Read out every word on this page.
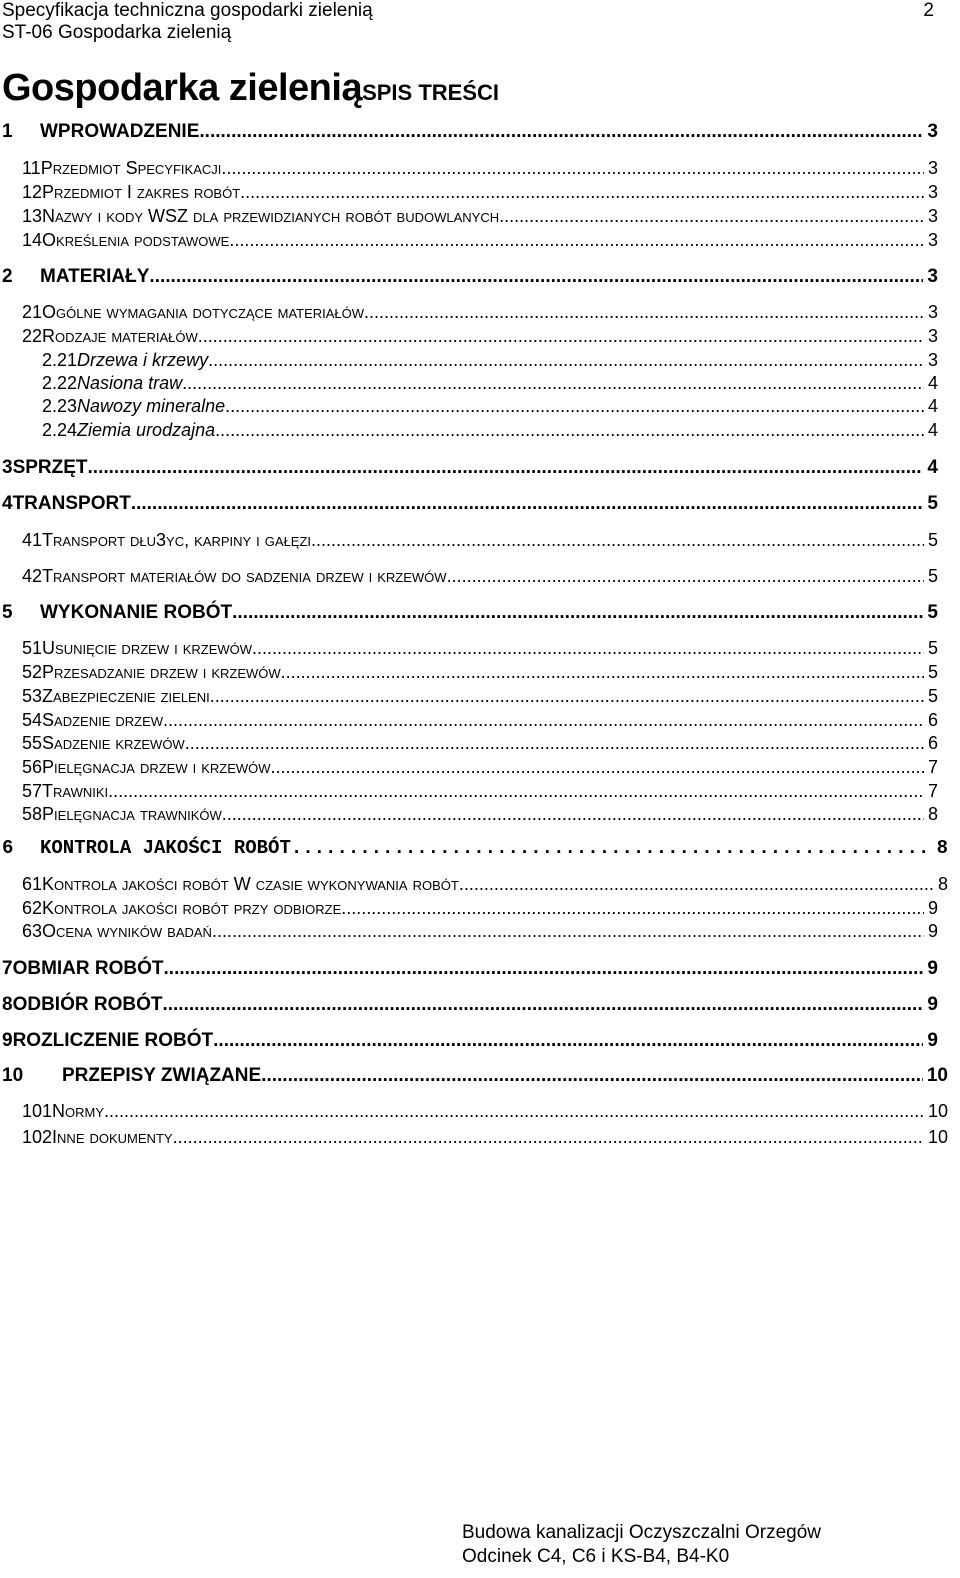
Specyfikacja techniczna gospodarki zielenią
ST-06 Gospodarka zielenią
2
Gospodarka zieleniąSPIS TREŚCI
1	WPROWADZENIE .....	3
11 Przedmiot Specyfikacji .....	3
12 Przedmiot I zakres robót .....	3
13 Nazwy i kody WSZ dla przewidzianych robót budowlanych .....	3
14 Określenia podstawowe .....	3
2	MATERIAŁY .....	3
21 Ogólne wymagania dotyczące materiałów .....	3
22 Rodzaje materiałów .....	3
2.21 Drzewa i krzewy .....	3
2.22 Nasiona traw .....	4
2.23 Nawozy mineralne .....	4
2.24 Ziemia urodzajna .....	4
3 SPRZĘT .....	4
4 TRANSPORT .....	5
41 Transport dłu3yc, karpiny i gałęzi .....	5
42 Transport materiałów do sadzenia drzew i krzewów .....	5
5	WYKONANIE ROBÓT .....	5
51 Usunięcie drzew i krzewów .....	5
52 Przesadzanie drzew i krzewów .....	5
53 Zabezpieczenie zieleni .....	5
54 Sadzenie drzew .....	6
55 Sadzenie krzewów .....	6
56 Pielęgnacja drzew i krzewów .....	7
57 Trawniki .....	7
58 Pielęgnacja trawników .....	8
6	KONTROLA JAKOŚCI ROBÓT .....	8
61 Kontrola jakości robót W czasie wykonywania robót .....	8
62 Kontrola jakości robót przy odbiorze .....	9
63 Ocena wyników badań .....	9
7 OBMIAR ROBÓT .....	9
8 ODBIÓR ROBÓT .....	9
9 ROZLICZENIE ROBÓT .....	9
10	PRZEPISY ZWIĄZANE .....	10
101 Normy .....	10
102 Inne dokumenty .....	10
Budowa kanalizacji Oczyszczalni Orzegów
Odcinek C4, C6 i KS-B4, B4-K0
